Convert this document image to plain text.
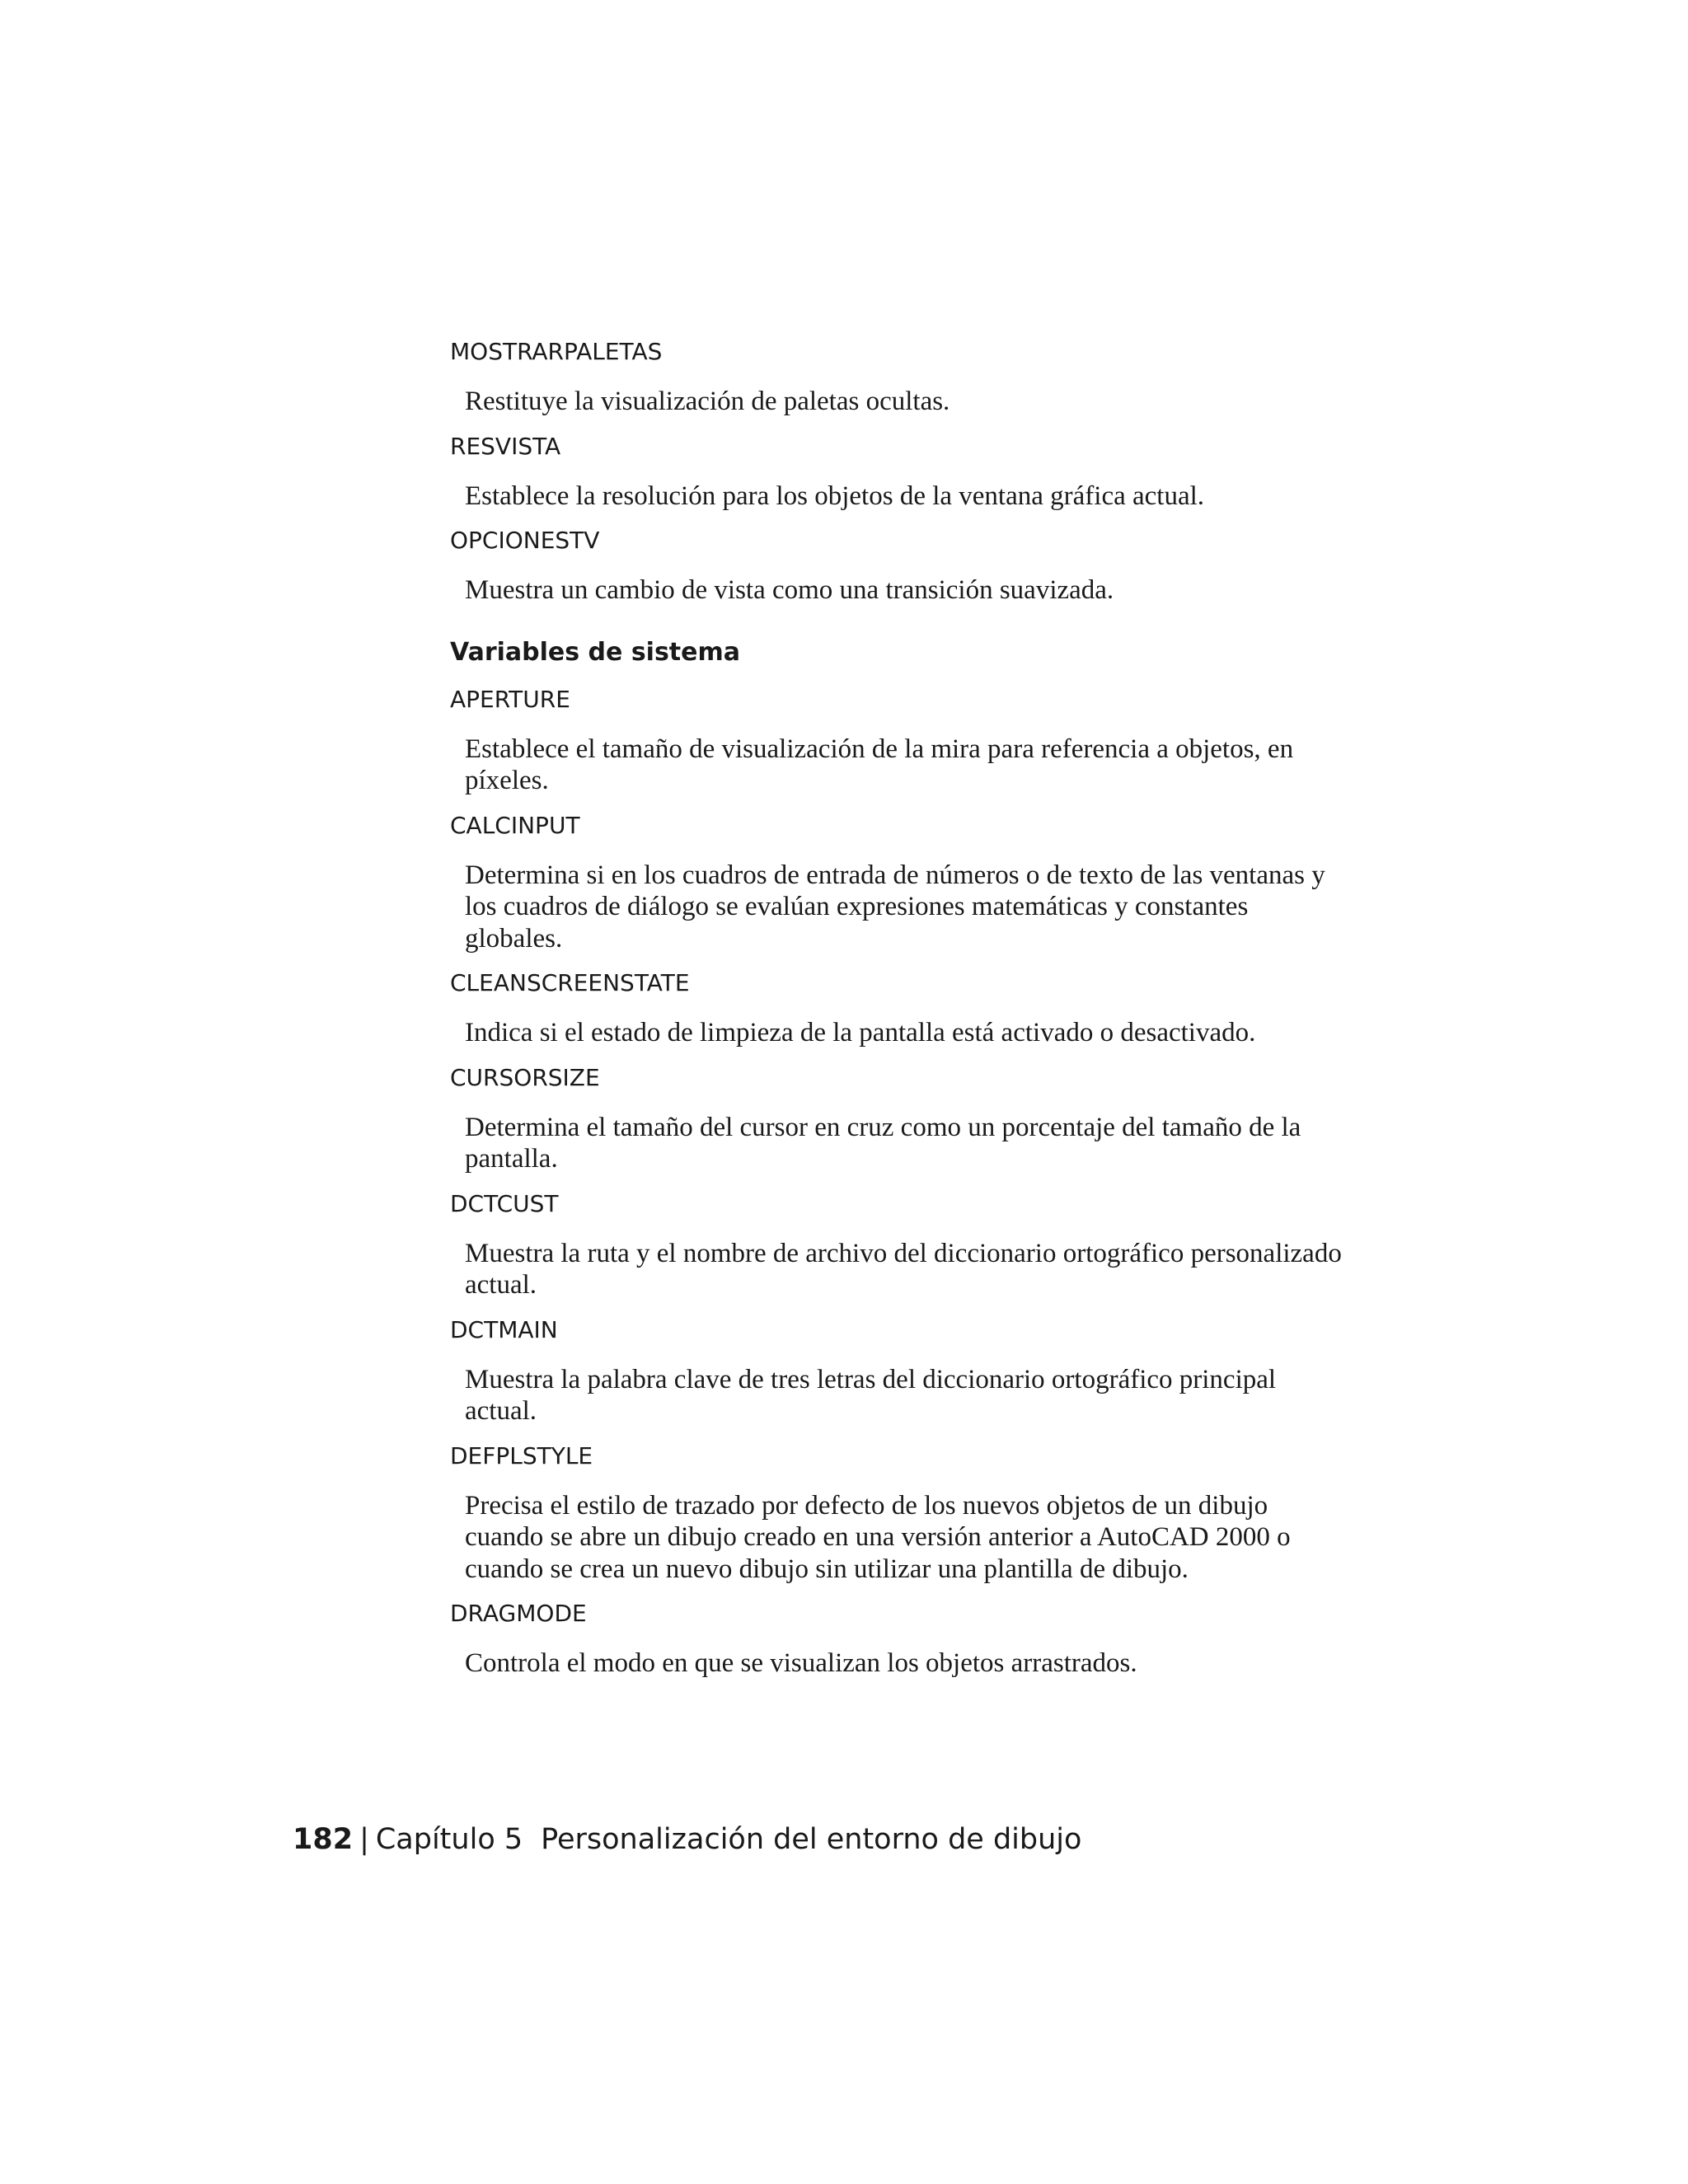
MOSTRARPALETAS
Restituye la visualización de paletas ocultas.
RESVISTA
Establece la resolución para los objetos de la ventana gráfica actual.
OPCIONESTV
Muestra un cambio de vista como una transición suavizada.
Variables de sistema
APERTURE
Establece el tamaño de visualización de la mira para referencia a objetos, en píxeles.
CALCINPUT
Determina si en los cuadros de entrada de números o de texto de las ventanas y los cuadros de diálogo se evalúan expresiones matemáticas y constantes globales.
CLEANSCREENSTATE
Indica si el estado de limpieza de la pantalla está activado o desactivado.
CURSORSIZE
Determina el tamaño del cursor en cruz como un porcentaje del tamaño de la pantalla.
DCTCUST
Muestra la ruta y el nombre de archivo del diccionario ortográfico personalizado actual.
DCTMAIN
Muestra la palabra clave de tres letras del diccionario ortográfico principal actual.
DEFPLSTYLE
Precisa el estilo de trazado por defecto de los nuevos objetos de un dibujo cuando se abre un dibujo creado en una versión anterior a AutoCAD 2000 o cuando se crea un nuevo dibujo sin utilizar una plantilla de dibujo.
DRAGMODE
Controla el modo en que se visualizan los objetos arrastrados.
182 | Capítulo 5 Personalización del entorno de dibujo
